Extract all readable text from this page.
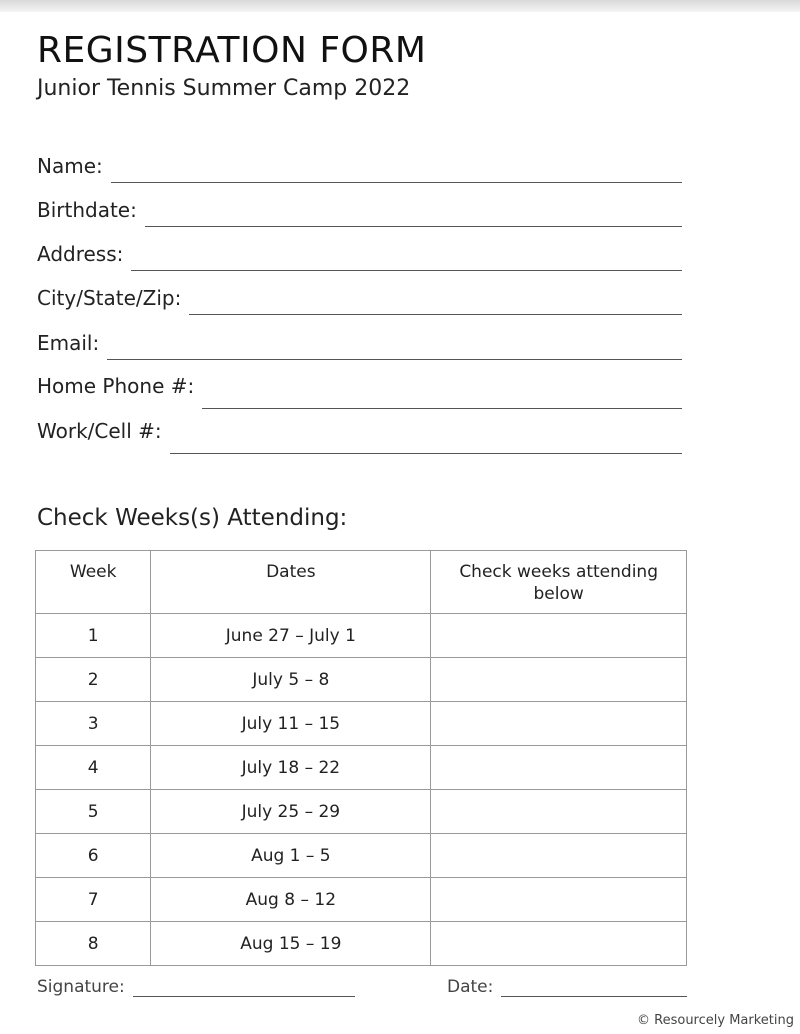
REGISTRATION FORM
Junior Tennis Summer Camp 2022
Name:
Birthdate:
Address:
City/State/Zip:
Email:
Home Phone #:
Work/Cell #:
Check Weeks(s) Attending:
Week	Dates	Check weeks attending below
1	June 27 – July 1	
2	July 5 – 8	
3	July 11 – 15	
4	July 18 – 22	
5	July 25 – 29	
6	Aug 1 – 5	
7	Aug 8 – 12	
8	Aug 15 – 19	
Signature:	Date:
© Resourcely Marketing
